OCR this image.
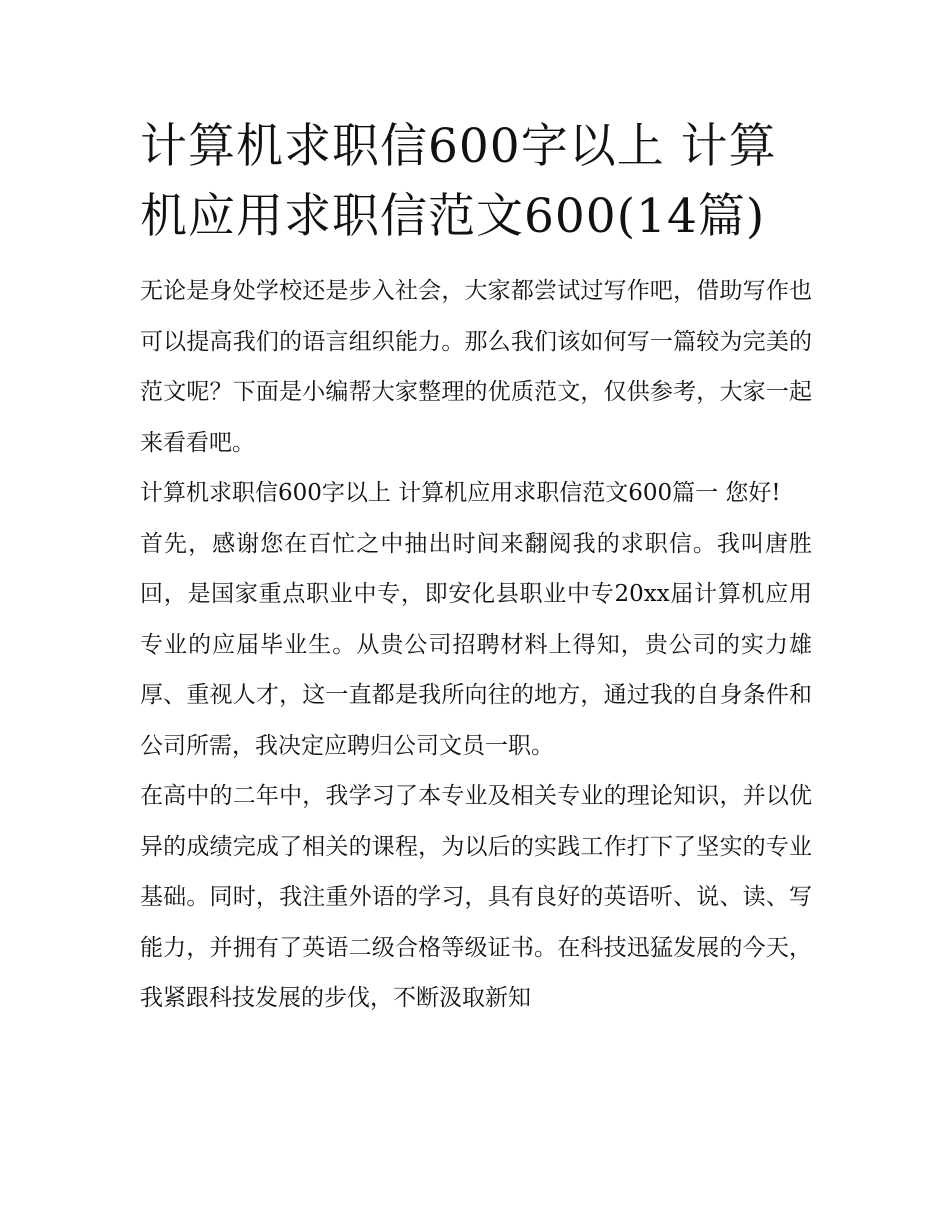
计算机求职信600字以上 计算机应用求职信范文600(14篇)

无论是身处学校还是步入社会，大家都尝试过写作吧，借助写作也可以提高我们的语言组织能力。那么我们该如何写一篇较为完美的范文呢？下面是小编帮大家整理的优质范文，仅供参考，大家一起来看看吧。

计算机求职信600字以上 计算机应用求职信范文600篇一 您好!

首先，感谢您在百忙之中抽出时间来翻阅我的求职信。我叫唐胜回，是国家重点职业中专，即安化县职业中专20xx届计算机应用专业的应届毕业生。从贵公司招聘材料上得知，贵公司的实力雄厚、重视人才，这一直都是我所向往的地方，通过我的自身条件和公司所需，我决定应聘归公司文员一职。

在高中的二年中，我学习了本专业及相关专业的理论知识，并以优异的成绩完成了相关的课程，为以后的实践工作打下了坚实的专业基础。同时，我注重外语的学习，具有良好的英语听、说、读、写能力，并拥有了英语二级合格等级证书。在科技迅猛发展的今天，我紧跟科技发展的步伐，不断汲取新知
